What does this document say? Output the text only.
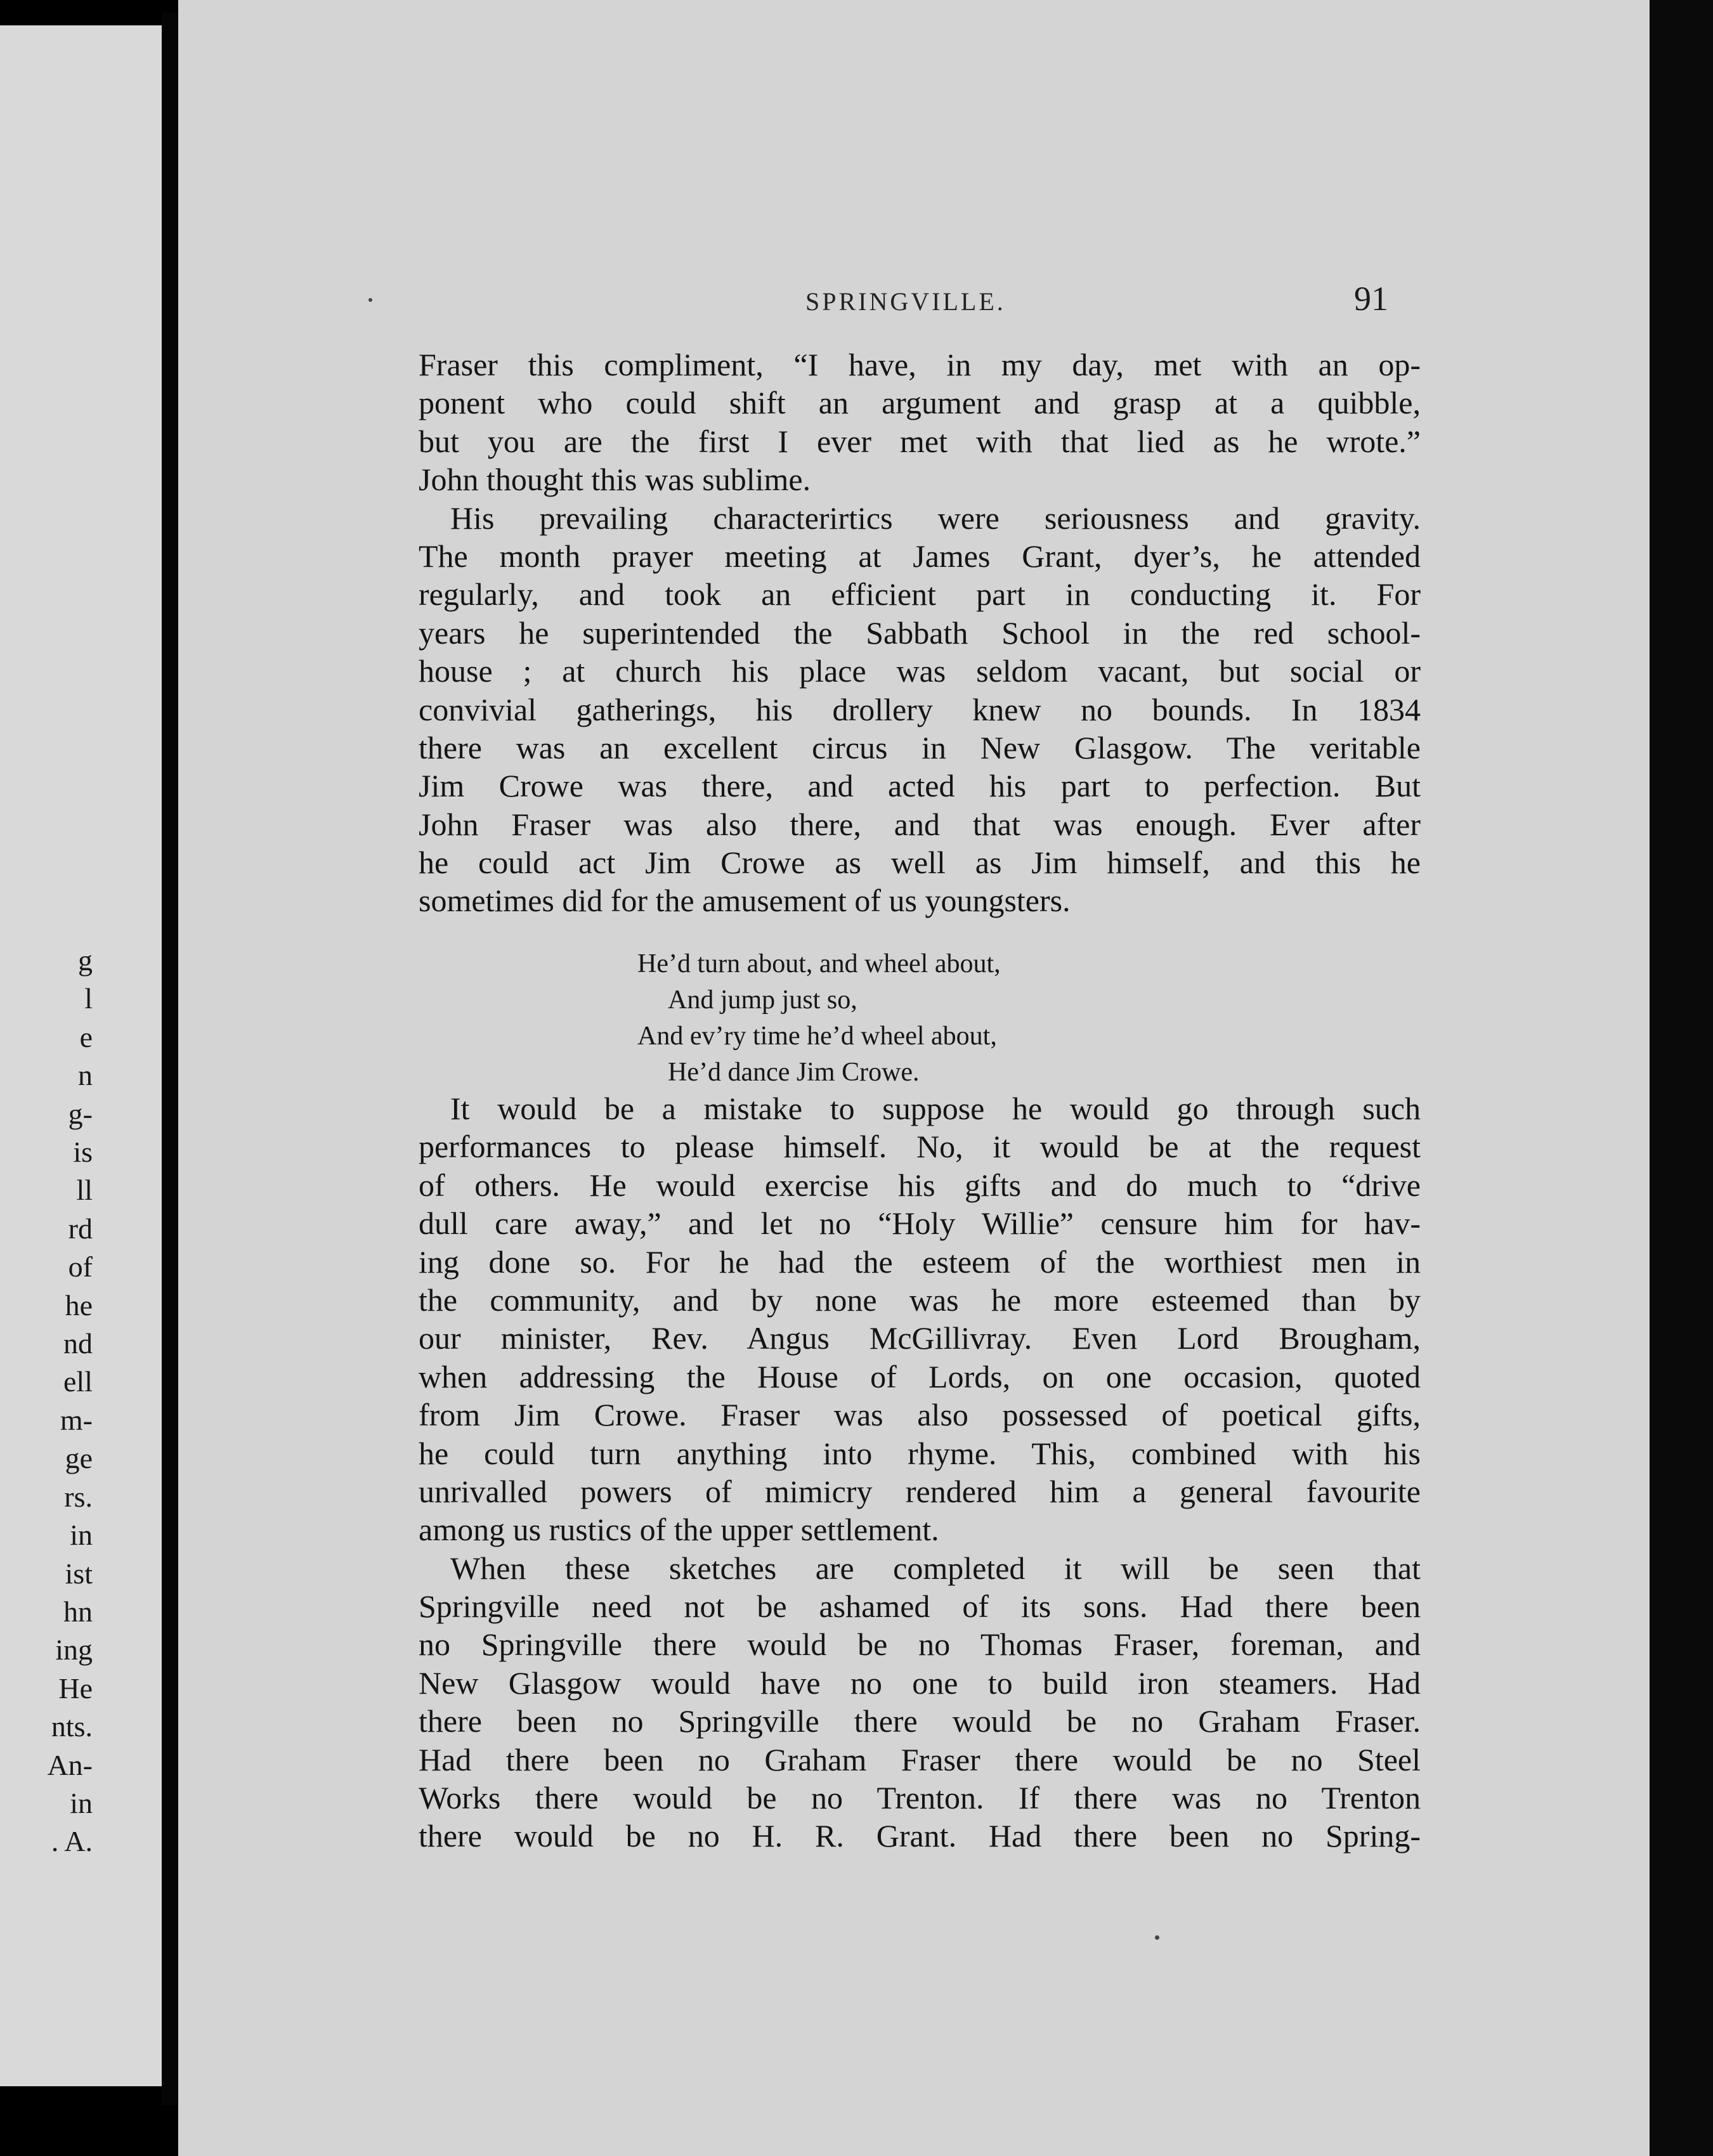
g
l
e
n
g-
is
ll
rd
of
he
nd
ell
m-
ge
rs.
in
ist
hn
ing
He
nts.
An-
in
. A.
SPRINGVILLE.	91
Fraser this compliment, “I have, in my day, met with an op-
ponent who could shift an argument and grasp at a quibble,
but you are the first I ever met with that lied as he wrote.”
John thought this was sublime.
His prevailing characterirtics were seriousness and gravity.
The month prayer meeting at James Grant, dyer’s, he attended
regularly, and took an efficient part in conducting it. For
years he superintended the Sabbath School in the red school-
house ; at church his place was seldom vacant, but social or
convivial gatherings, his drollery knew no bounds. In 1834
there was an excellent circus in New Glasgow. The veritable
Jim Crowe was there, and acted his part to perfection. But
John Fraser was also there, and that was enough. Ever after
he could act Jim Crowe as well as Jim himself, and this he
sometimes did for the amusement of us youngsters.
He’d turn about, and wheel about,
And jump just so,
And ev’ry time he’d wheel about,
He’d dance Jim Crowe.
It would be a mistake to suppose he would go through such
performances to please himself. No, it would be at the request
of others. He would exercise his gifts and do much to “drive
dull care away,” and let no “Holy Willie” censure him for hav-
ing done so. For he had the esteem of the worthiest men in
the community, and by none was he more esteemed than by
our minister, Rev. Angus McGillivray. Even Lord Brougham,
when addressing the House of Lords, on one occasion, quoted
from Jim Crowe. Fraser was also possessed of poetical gifts,
he could turn anything into rhyme. This, combined with his
unrivalled powers of mimicry rendered him a general favourite
among us rustics of the upper settlement.
When these sketches are completed it will be seen that
Springville need not be ashamed of its sons. Had there been
no Springville there would be no Thomas Fraser, foreman, and
New Glasgow would have no one to build iron steamers. Had
there been no Springville there would be no Graham Fraser.
Had there been no Graham Fraser there would be no Steel
Works there would be no Trenton. If there was no Trenton
there would be no H. R. Grant. Had there been no Spring-
